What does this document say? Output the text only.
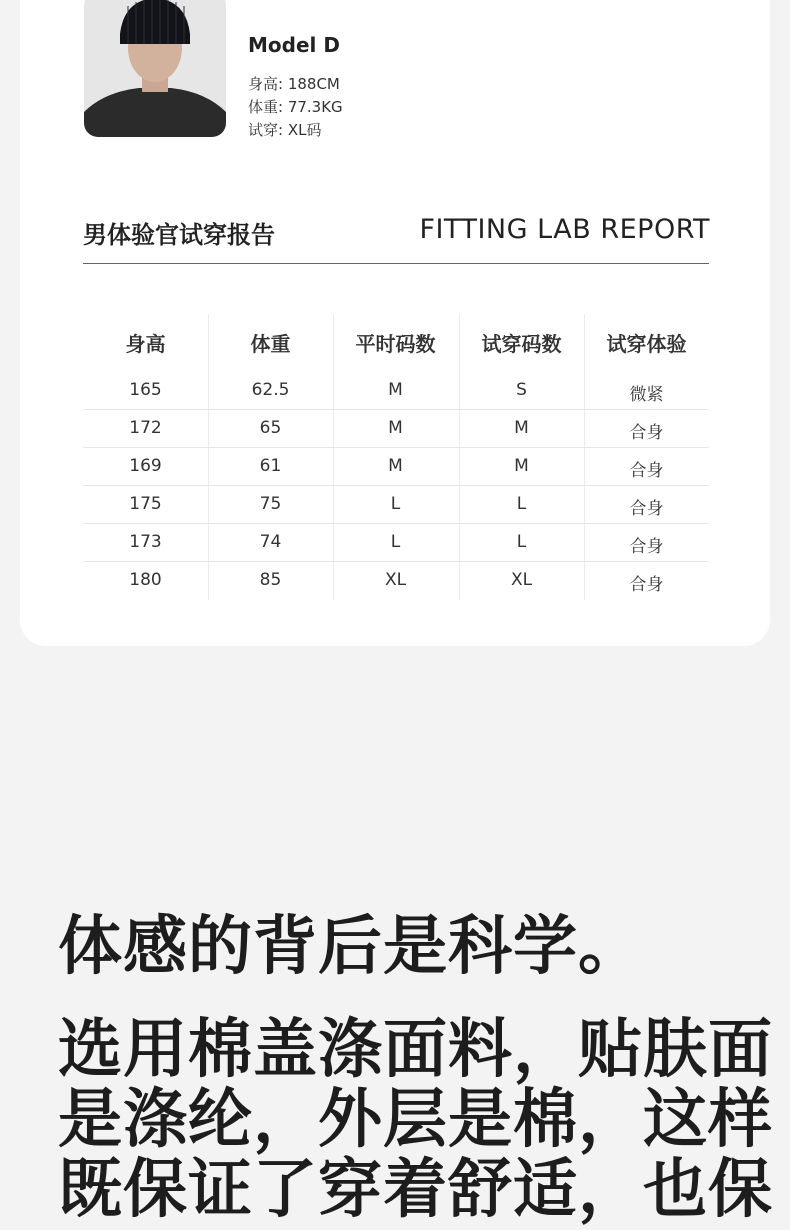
Model D
身高: 188CM
体重: 77.3KG
试穿: XL码
男体验官试穿报告	FITTING LAB REPORT
身高	体重	平时码数	试穿码数	试穿体验
165	62.5	M	S	微紧
172	65	M	M	合身
169	61	M	M	合身
175	75	L	L	合身
173	74	L	L	合身
180	85	XL	XL	合身
体感的背后是科学。
选用棉盖涤面料，贴肤面
是涤纶，外层是棉，这样
既保证了穿着舒适，也保
